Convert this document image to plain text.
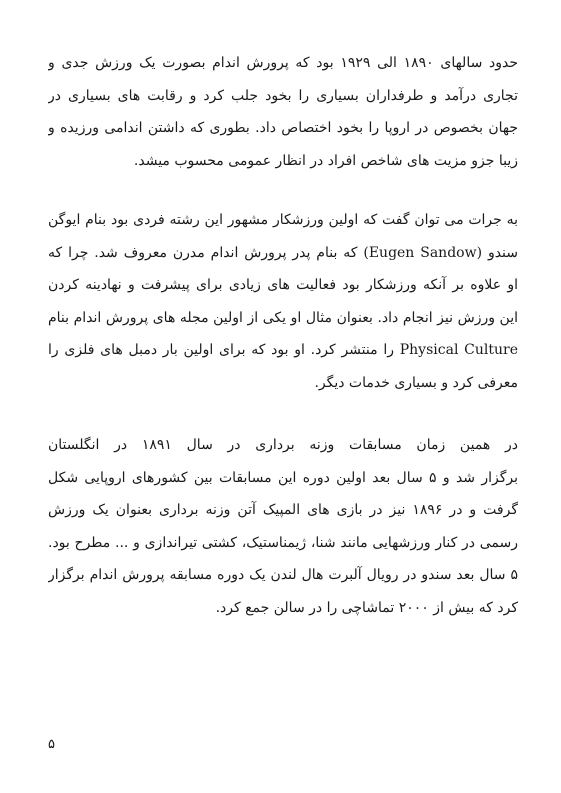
حدود سالهای ۱۸۹۰ الی ۱۹۲۹ بود که پرورش اندام بصورت یک ورزش جدی و
تجاری درآمد و طرفداران بسیاری را بخود جلب کرد و رقابت های بسیاری در
جهان بخصوص در اروپا را بخود اختصاص داد. بطوری که داشتن اندامی ورزیده و
زیبا جزو مزیت های شاخص افراد در انظار عمومی محسوب میشد.
به جرات می توان گفت که اولین ورزشکار مشهور این رشته فردی بود بنام ایوگن
سندو (Eugen Sandow) که بنام پدر پرورش اندام مدرن معروف شد. چرا که
او علاوه بر آنکه ورزشکار بود فعالیت های زیادی برای پیشرفت و نهادینه کردن
این ورزش نیز انجام داد. بعنوان مثال او یکی از اولین مجله های پرورش اندام بنام
Physical Culture را منتشر کرد. او بود که برای اولین بار دمبل های فلزی را
معرفی کرد و بسیاری خدمات دیگر.
در همین زمان مسابقات وزنه برداری در سال ۱۸۹۱ در انگلستان
برگزار شد و ۵ سال بعد اولین دوره این مسابقات بین کشورهای اروپایی شکل
گرفت و در ۱۸۹۶ نیز در بازی های المپیک آتن وزنه برداری بعنوان یک ورزش
رسمی در کنار ورزشهایی مانند شنا، ژیمناستیک، کشتی تیراندازی و ... مطرح بود.
۵ سال بعد سندو در رویال آلبرت هال لندن یک دوره مسابقه پرورش اندام برگزار
کرد که بیش از ۲۰۰۰ تماشاچی را در سالن جمع کرد.
۵
